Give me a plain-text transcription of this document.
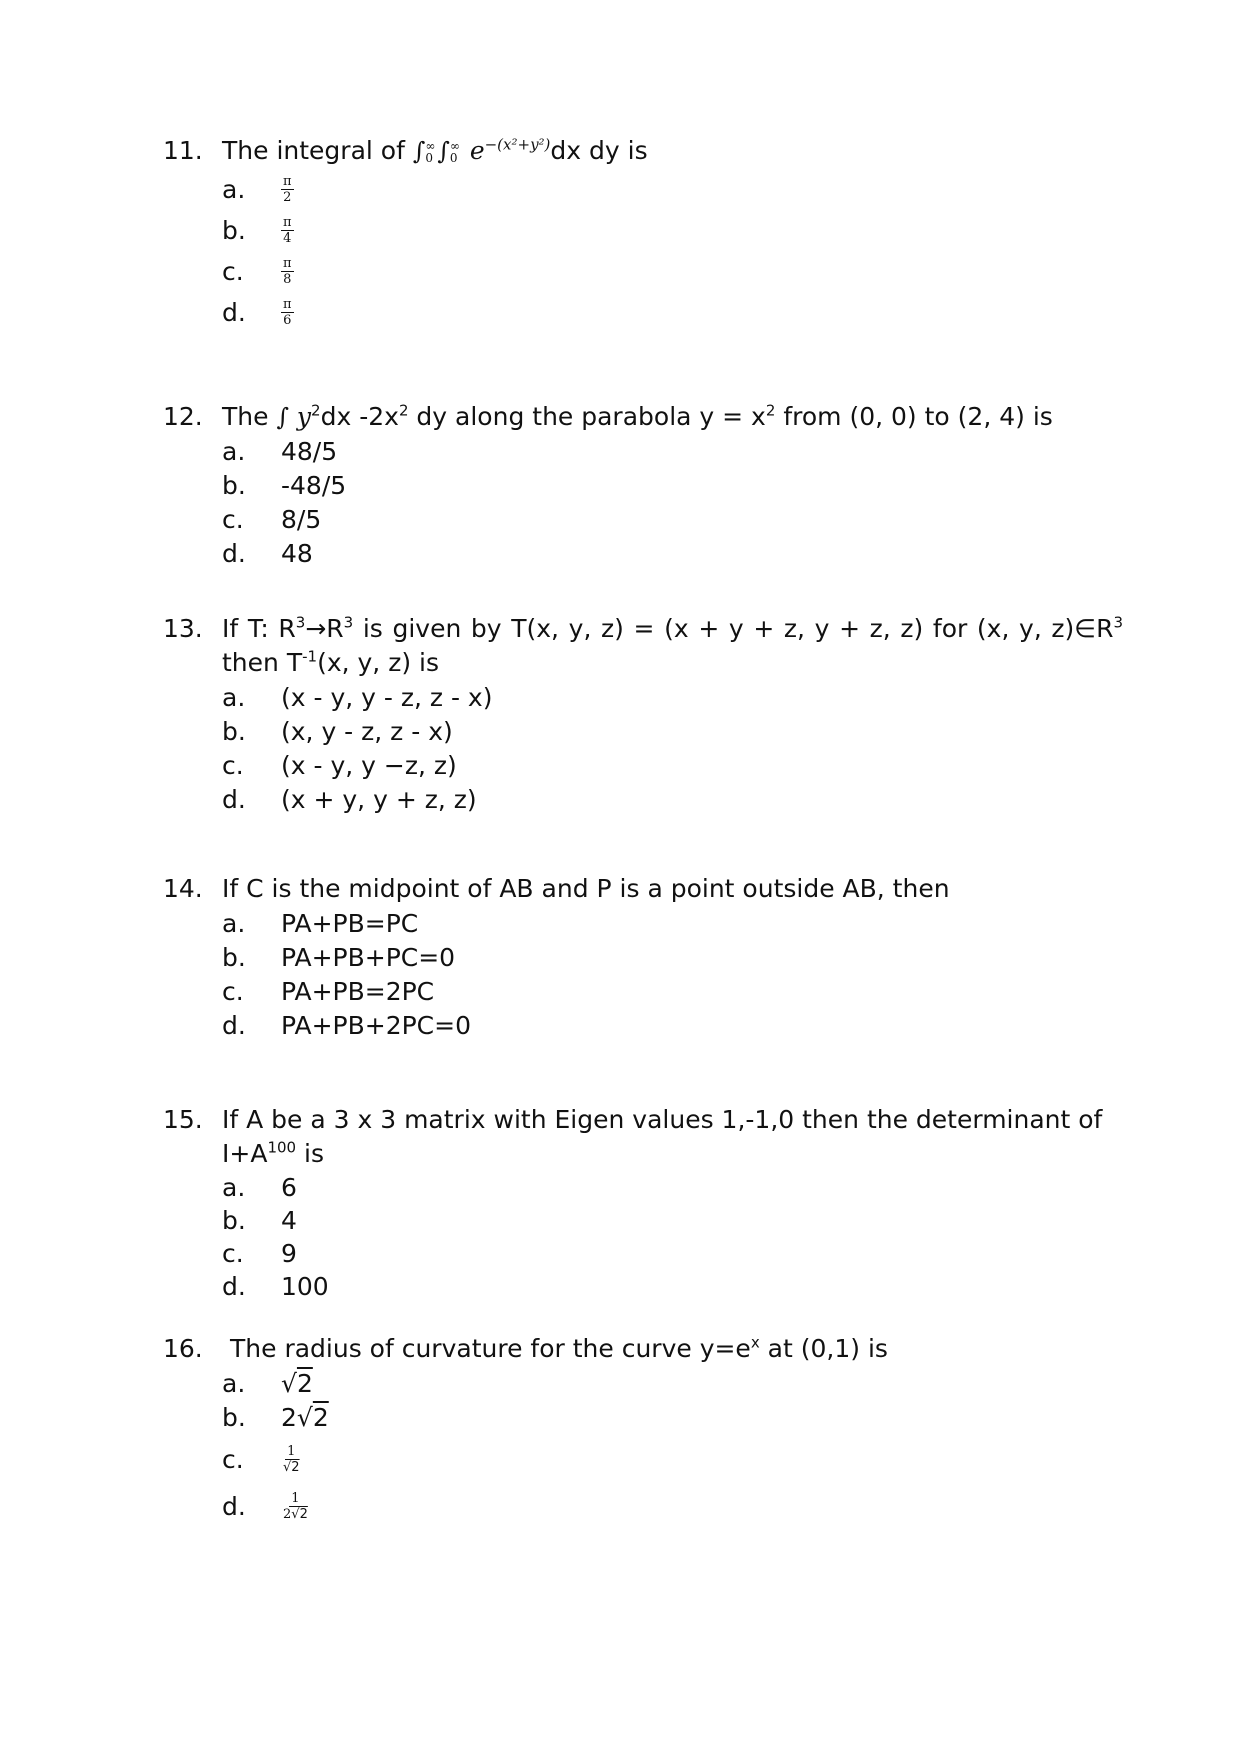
11. The integral of ∫ ∞
0 ∫ ∞
0 $e^{-(x^2+y^2)}dx$ dy is
a.	$\frac{\pi}{2}$
b.	$\frac{\pi}{4}$
c.	$\frac{\pi}{8}$
d.	$\frac{\pi}{6}$
12. The ∫ $y^2dx$ $-2x^2$ dy along the parabola $y = x^2$ from (0, 0) to (2, 4) is
a.	48/5
b.	-48/5
c.	8/5
d.	48
13. If T: $R^3\to R^3$ is given by T(x, y, z) = (x + y + z, y + z, z) for (x, y, $z)\in R^3$ then $T^{-1}(x$, y, z) is
a.	(x - y, y - z, z - x)
b.	(x, y - z, z - x)
c.	(x - y, y −z, z)
d.	(x + y, y + z, z)
14. If C is the midpoint of AB and P is a point outside AB, then
a.	PA+PB=PC
b.	PA+PB+PC=0
c.	PA+PB=2PC
d.	PA+PB+2PC=0
15. If A be a 3 x 3 matrix with Eigen values 1,-1,0 then the determinant of $I+A^{100}$ is
a.	6
b.	4
c.	9
d.	100
16.	The radius of curvature for the curve $y=e^x$ at (0,1) is
a.	√2
b.	2√2
c.	$\frac{1}{√2}$
d.	$\frac{1}{2√2}$
